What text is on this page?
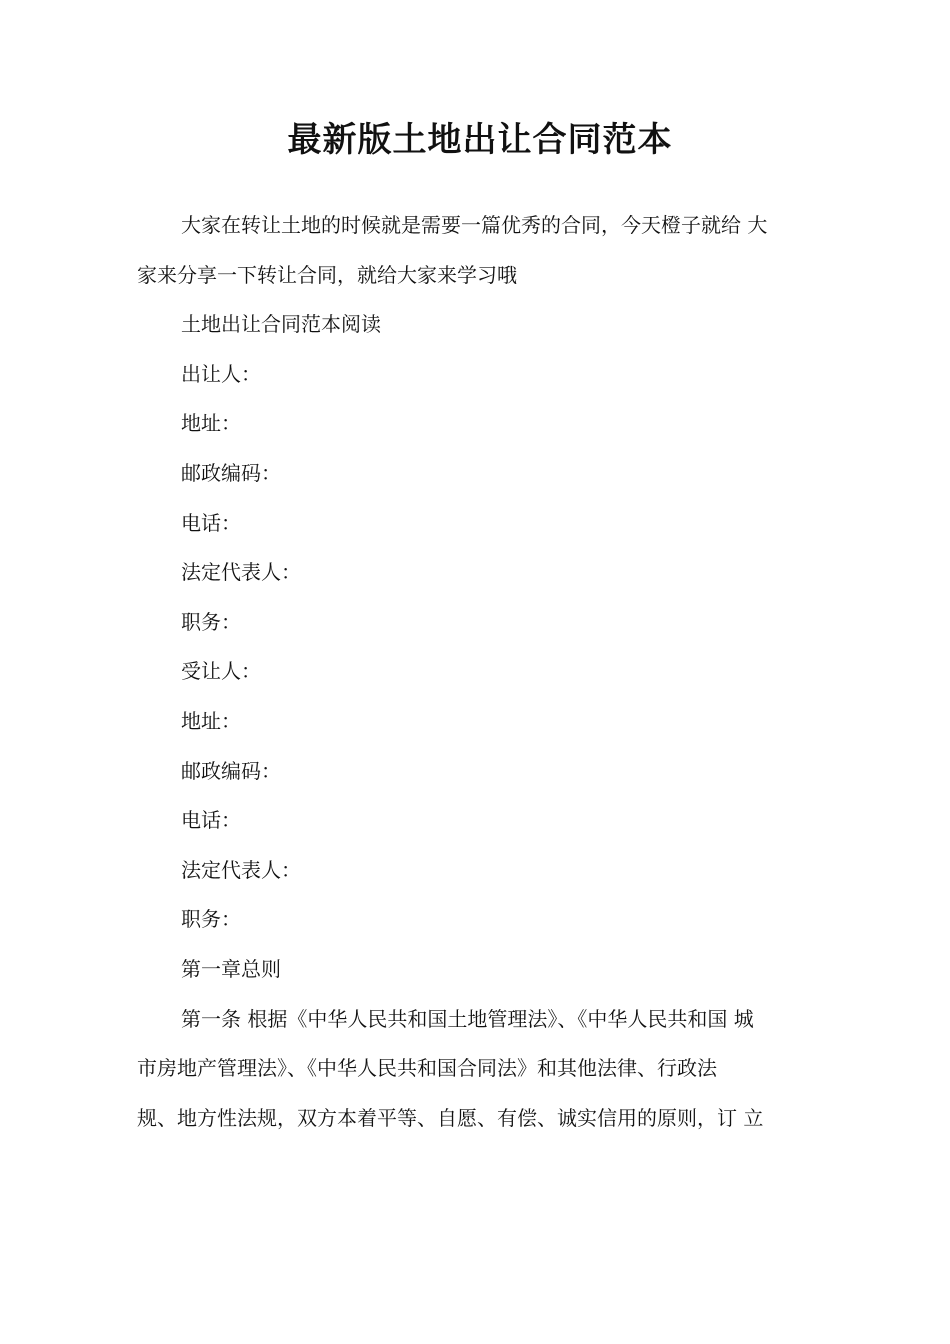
最新版土地出让合同范本
大家在转让土地的时候就是需要一篇优秀的合同，今天橙子就给 大
家来分享一下转让合同，就给大家来学习哦

土地出让合同范本阅读

出让人：

地址：

邮政编码：

电话：

法定代表人：

职务：

受让人：

地址：

邮政编码：

电话：

法定代表人：

职务：

第一章总则

第一条 根据《中华人民共和国土地管理法》、《中华人民共和国 城
市房地产管理法》、《中华人民共和国合同法》和其他法律、行政法
规、地方性法规，双方本着平等、自愿、有偿、诚实信用的原则，订 立
